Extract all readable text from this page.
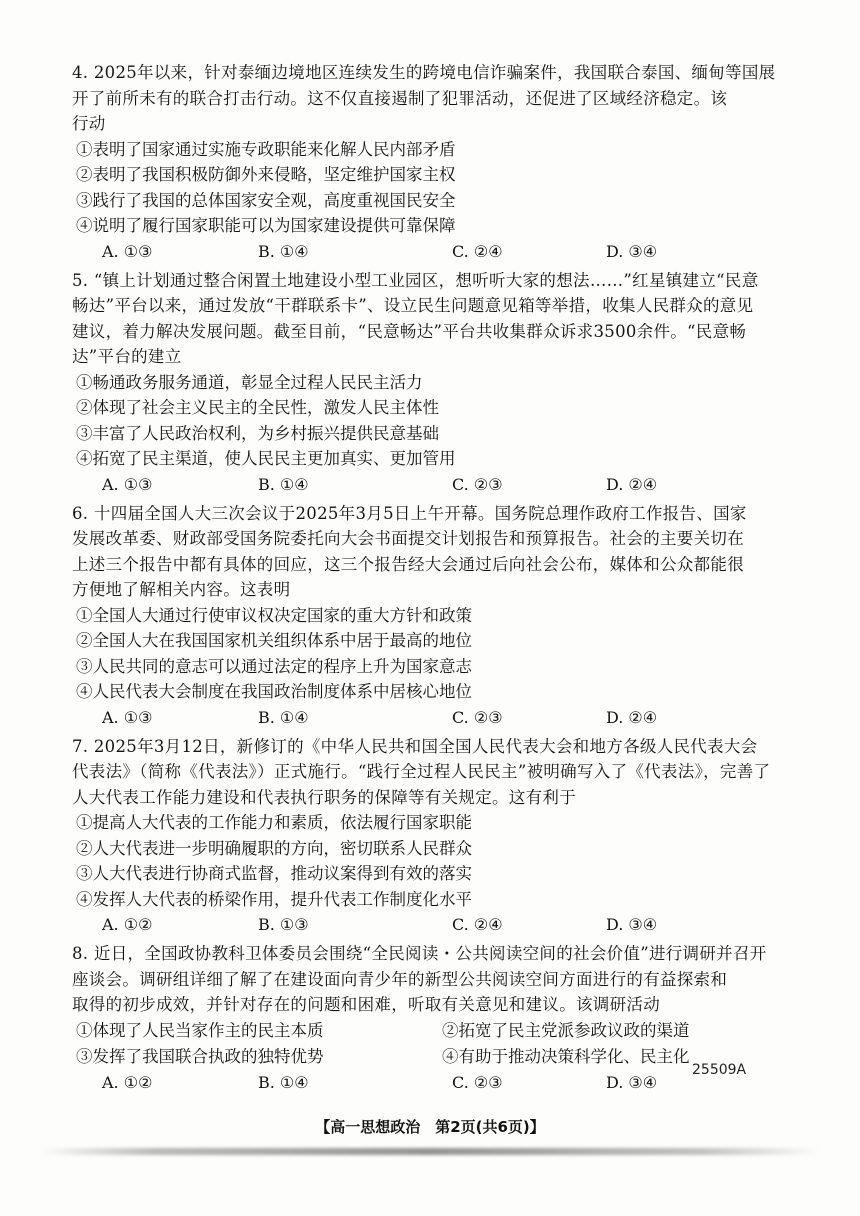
4. 2025年以来，针对泰缅边境地区连续发生的跨境电信诈骗案件，我国联合泰国、缅甸等国展
开了前所未有的联合打击行动。这不仅直接遏制了犯罪活动，还促进了区域经济稳定。该
行动
①表明了国家通过实施专政职能来化解人民内部矛盾
②表明了我国积极防御外来侵略，坚定维护国家主权
③践行了我国的总体国家安全观，高度重视国民安全
④说明了履行国家职能可以为国家建设提供可靠保障
A. ①③	B. ①④	C. ②④	D. ③④
5. “镇上计划通过整合闲置土地建设小型工业园区，想听听大家的想法……”红星镇建立“民意
畅达”平台以来，通过发放“干群联系卡”、设立民生问题意见箱等举措，收集人民群众的意见
建议，着力解决发展问题。截至目前，“民意畅达”平台共收集群众诉求3500余件。“民意畅
达”平台的建立
①畅通政务服务通道，彰显全过程人民民主活力
②体现了社会主义民主的全民性，激发人民主体性
③丰富了人民政治权利，为乡村振兴提供民意基础
④拓宽了民主渠道，使人民民主更加真实、更加管用
A. ①③	B. ①④	C. ②③	D. ②④
6. 十四届全国人大三次会议于2025年3月5日上午开幕。国务院总理作政府工作报告、国家
发展改革委、财政部受国务院委托向大会书面提交计划报告和预算报告。社会的主要关切在
上述三个报告中都有具体的回应，这三个报告经大会通过后向社会公布，媒体和公众都能很
方便地了解相关内容。这表明
①全国人大通过行使审议权决定国家的重大方针和政策
②全国人大在我国国家机关组织体系中居于最高的地位
③人民共同的意志可以通过法定的程序上升为国家意志
④人民代表大会制度在我国政治制度体系中居核心地位
A. ①③	B. ①④	C. ②③	D. ②④
7. 2025年3月12日，新修订的《中华人民共和国全国人民代表大会和地方各级人民代表大会
代表法》（简称《代表法》）正式施行。“践行全过程人民民主”被明确写入了《代表法》，完善了
人大代表工作能力建设和代表执行职务的保障等有关规定。这有利于
①提高人大代表的工作能力和素质，依法履行国家职能
②人大代表进一步明确履职的方向，密切联系人民群众
③人大代表进行协商式监督，推动议案得到有效的落实
④发挥人大代表的桥梁作用，提升代表工作制度化水平
A. ①②	B. ①③	C. ②④	D. ③④
8. 近日，全国政协教科卫体委员会围绕“全民阅读・公共阅读空间的社会价值”进行调研并召开
座谈会。调研组详细了解了在建设面向青少年的新型公共阅读空间方面进行的有益探索和
取得的初步成效，并针对存在的问题和困难，听取有关意见和建议。该调研活动
①体现了人民当家作主的民主本质	②拓宽了民主党派参政议政的渠道
③发挥了我国联合执政的独特优势	④有助于推动决策科学化、民主化
A. ①②	B. ①④	C. ②③	D. ③④
25509A
【高一思想政治　第2页(共6页)】
